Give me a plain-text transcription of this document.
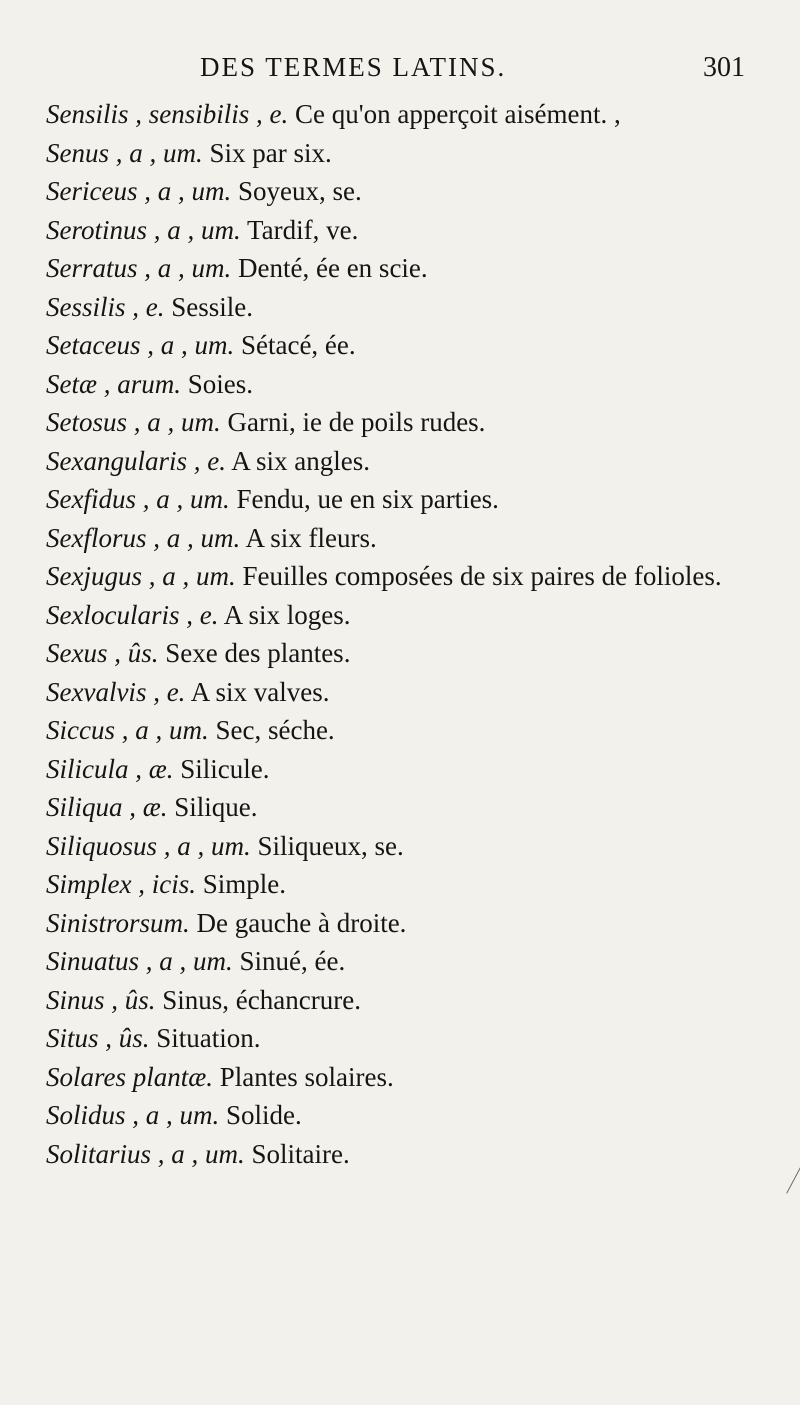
DES TERMES LATINS.	301

Sensilis , sensibilis , e. Ce qu'on apperçoit aisément. ,

Senus , a , um. Six par six.

Sericeus , a , um. Soyeux, se.

Serotinus , a , um. Tardif, ve.

Serratus , a , um. Denté, ée en scie.

Sessilis , e. Sessile.

Setaceus , a , um. Sétacé, ée.

Setæ , arum. Soies.

Setosus , a , um. Garni, ie de poils rudes.

Sexangularis , e. A six angles.

Sexfidus , a , um. Fendu, ue en six parties.

Sexflorus , a , um. A six fleurs.

Sexjugus , a , um. Feuilles composées de six paires de folioles.

Sexlocularis , e. A six loges.

Sexus , ûs. Sexe des plantes.

Sexvalvis , e. A six valves.

Siccus , a , um. Sec, séche.

Silicula , æ. Silicule.

Siliqua , æ. Silique.

Siliquosus , a , um. Siliqueux, se.

Simplex , icis. Simple.

Sinistrorsum. De gauche à droite.

Sinuatus , a , um. Sinué, ée.

Sinus , ûs. Sinus, échancrure.

Situs , ûs. Situation.

Solares plantæ. Plantes solaires.

Solidus , a , um. Solide.

Solitarius , a , um. Solitaire.
